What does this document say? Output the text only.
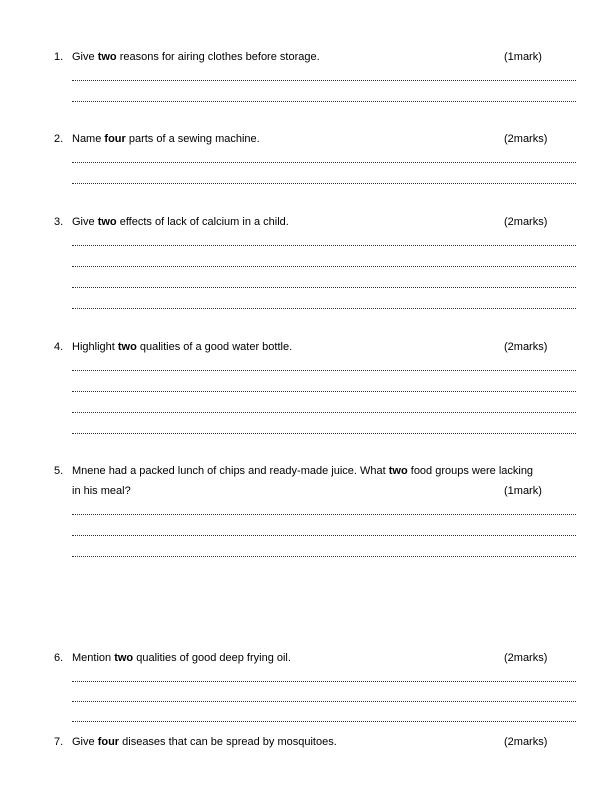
1. Give two reasons for airing clothes before storage.	(1mark)
2. Name four parts of a sewing machine.	(2marks)
3. Give two effects of lack of calcium in a child.	(2marks)
4. Highlight two qualities of a good water bottle.	(2marks)
5. Mnene had a packed lunch of chips and ready-made juice. What two food groups were lacking
in his meal?	(1mark)
6. Mention two qualities of good deep frying oil.	(2marks)
7. Give four diseases that can be spread by mosquitoes.	(2marks)
